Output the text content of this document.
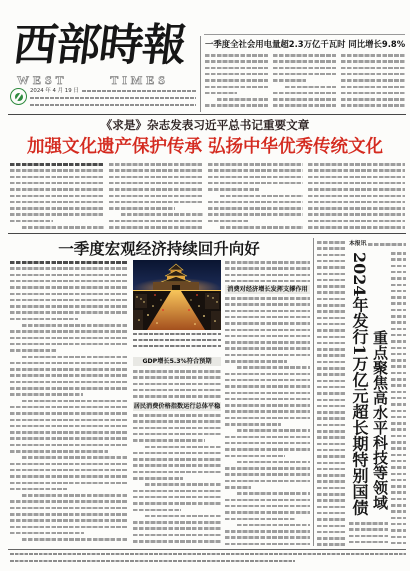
西部時報
WEST TIMES
2024 年 4 月 19 日
一季度全社会用电量超2.3万亿千瓦时 同比增长9.8%
《求是》杂志发表习近平总书记重要文章
加强文化遗产保护传承 弘扬中华优秀传统文化
一季度宏观经济持续回升向好
GDP增长5.3%符合预期
居民消费价格指数运行总体平稳
消费对经济增长发挥支撑作用
本报讯
2024年发行1万亿元超长期特别国债 重点聚焦高水平科技等领域
